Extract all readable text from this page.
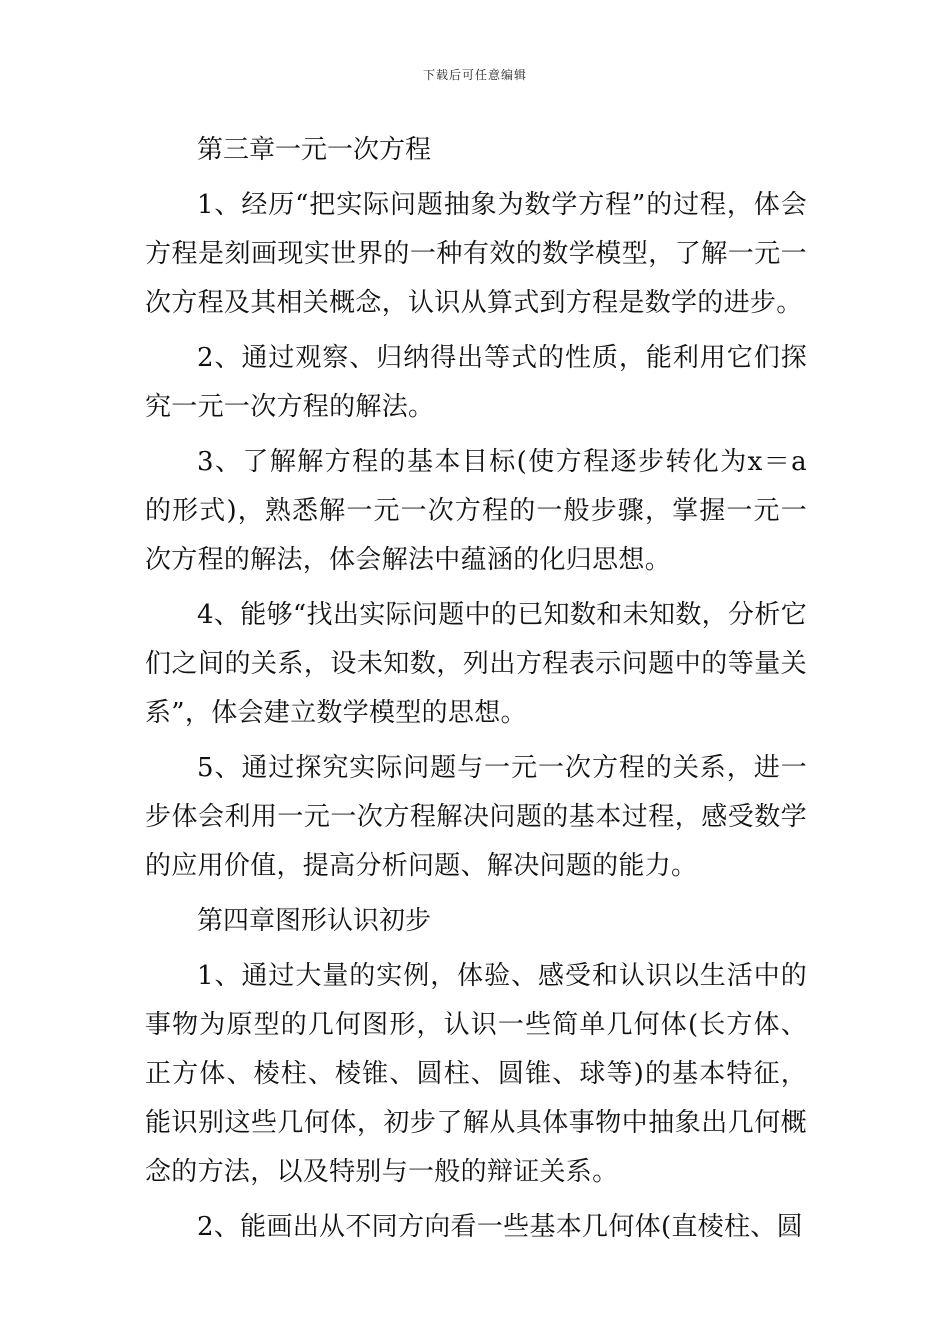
下载后可任意编辑

第三章一元一次方程

1、经历“把实际问题抽象为数学方程”的过程，体会方程是刻画现实世界的一种有效的数学模型，了解一元一次方程及其相关概念，认识从算式到方程是数学的进步。

2、通过观察、归纳得出等式的性质，能利用它们探究一元一次方程的解法。

3、了解解方程的基本目标(使方程逐步转化为x＝a的形式)，熟悉解一元一次方程的一般步骤，掌握一元一次方程的解法，体会解法中蕴涵的化归思想。

4、能够“找出实际问题中的已知数和未知数，分析它们之间的关系，设未知数，列出方程表示问题中的等量关系”，体会建立数学模型的思想。

5、通过探究实际问题与一元一次方程的关系，进一步体会利用一元一次方程解决问题的基本过程，感受数学的应用价值，提高分析问题、解决问题的能力。

第四章图形认识初步

1、通过大量的实例，体验、感受和认识以生活中的事物为原型的几何图形，认识一些简单几何体(长方体、正方体、棱柱、棱锥、圆柱、圆锥、球等)的基本特征，能识别这些几何体，初步了解从具体事物中抽象出几何概念的方法，以及特别与一般的辩证关系。

2、能画出从不同方向看一些基本几何体(直棱柱、圆
